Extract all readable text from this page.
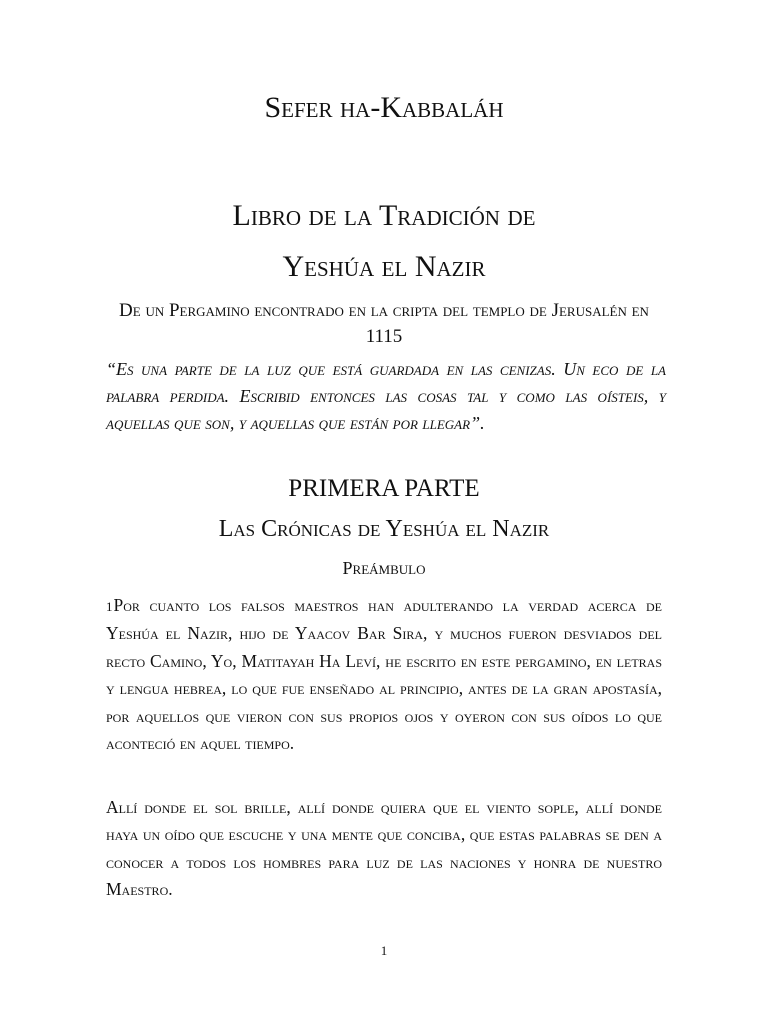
Sefer ha-Kabbaláh
Libro de la Tradición de
Yeshúa el Nazir
De un Pergamino encontrado en la cripta del templo de Jerusalén en 1115
“Es una parte de la luz que está guardada en las cenizas. Un eco de la palabra perdida. Escribid entonces las cosas tal y como las oísteis, y aquellas que son, y aquellas que están por llegar”.
PRIMERA PARTE
Las Crónicas de Yeshúa el Nazir
Preámbulo
1Por cuanto los falsos maestros han adulterando la verdad acerca de Yeshúa el Nazir, hijo de Yaacov Bar Sira, y muchos fueron desviados del recto Camino, Yo, Matitayah Ha Leví, he escrito en este pergamino, en letras y lengua hebrea, lo que fue enseñado al principio, antes de la gran apostasía, por aquellos que vieron con sus propios ojos y oyeron con sus oídos lo que aconteció en aquel tiempo.
Allí donde el sol brille, allí donde quiera que el viento sople, allí donde haya un oído que escuche y una mente que conciba, que estas palabras se den a conocer a todos los hombres para luz de las naciones y honra de nuestro Maestro.
1
